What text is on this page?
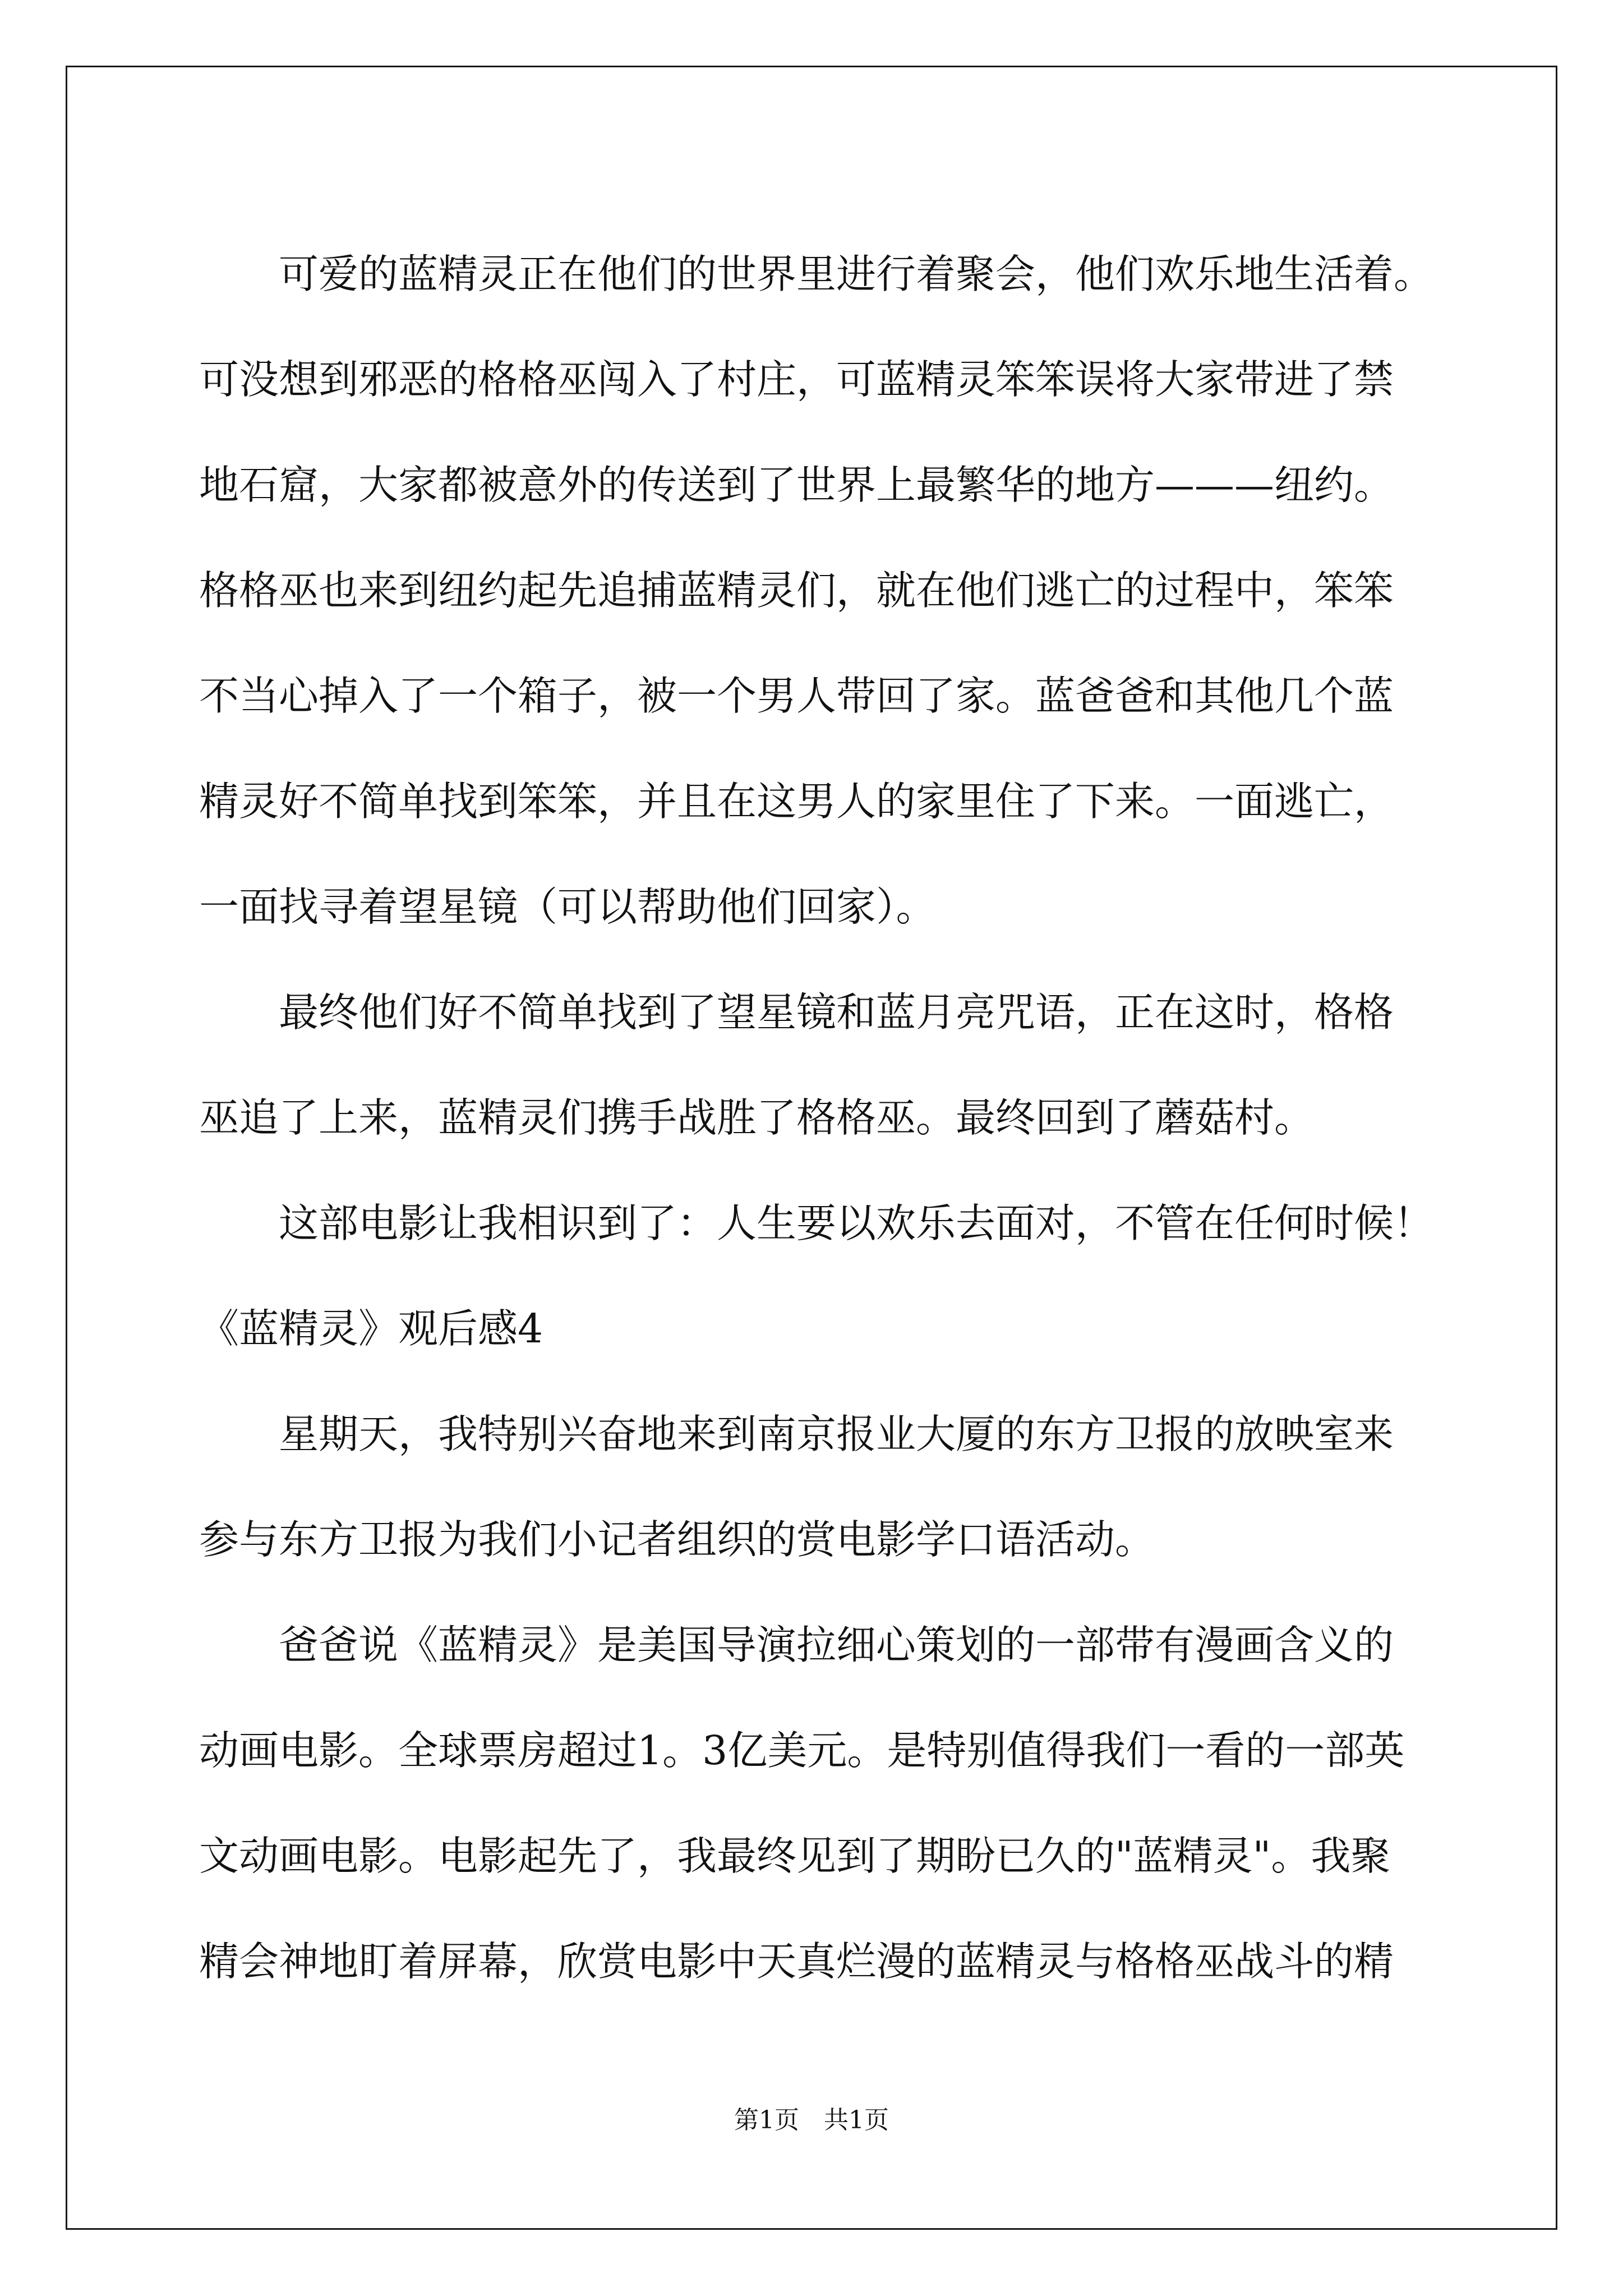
可爱的蓝精灵正在他们的世界里进行着聚会，他们欢乐地生活着。
可没想到邪恶的格格巫闯入了村庄，可蓝精灵笨笨误将大家带进了禁
地石窟，大家都被意外的传送到了世界上最繁华的地方———纽约。
格格巫也来到纽约起先追捕蓝精灵们，就在他们逃亡的过程中，笨笨
不当心掉入了一个箱子，被一个男人带回了家。蓝爸爸和其他几个蓝
精灵好不简单找到笨笨，并且在这男人的家里住了下来。一面逃亡，
一面找寻着望星镜（可以帮助他们回家）。
最终他们好不简单找到了望星镜和蓝月亮咒语，正在这时，格格
巫追了上来，蓝精灵们携手战胜了格格巫。最终回到了蘑菇村。
这部电影让我相识到了：人生要以欢乐去面对，不管在任何时候！
《蓝精灵》观后感4
星期天，我特别兴奋地来到南京报业大厦的东方卫报的放映室来
参与东方卫报为我们小记者组织的赏电影学口语活动。
爸爸说《蓝精灵》是美国导演拉细心策划的一部带有漫画含义的
动画电影。全球票房超过1。3亿美元。是特别值得我们一看的一部英
文动画电影。电影起先了，我最终见到了期盼已久的"蓝精灵"。我聚
精会神地盯着屏幕，欣赏电影中天真烂漫的蓝精灵与格格巫战斗的精
第1页　共1页
